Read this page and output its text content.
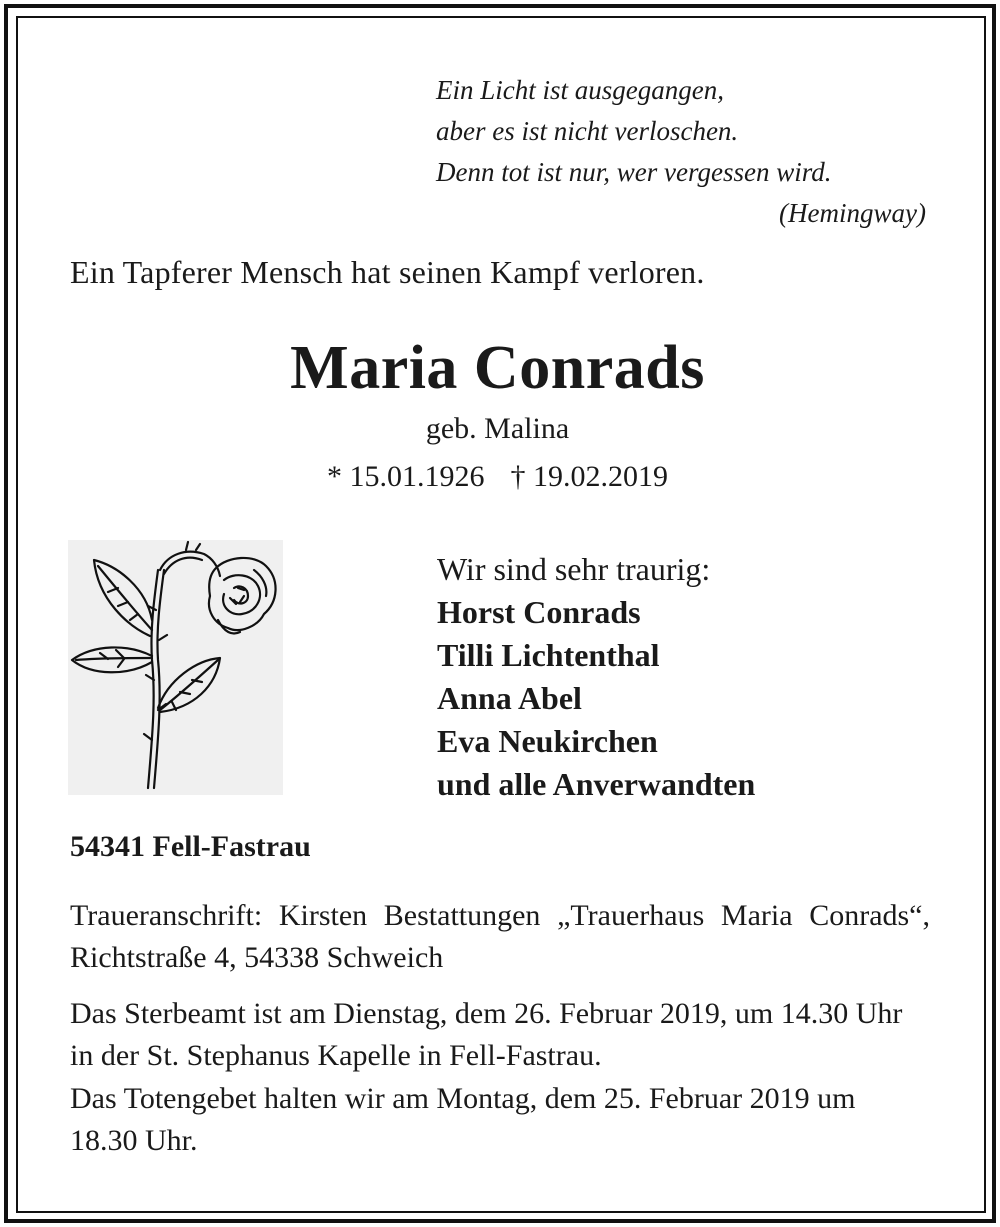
Ein Licht ist ausgegangen,
aber es ist nicht verloschen.
Denn tot ist nur, wer vergessen wird.
(Hemingway)
Ein Tapferer Mensch hat seinen Kampf verloren.
Maria Conrads
geb. Malina
* 15.01.1926 † 19.02.2019
Wir sind sehr traurig:
Horst Conrads
Tilli Lichtenthal
Anna Abel
Eva Neukirchen
und alle Anverwandten
54341 Fell-Fastrau
Traueranschrift: Kirsten Bestattungen „Trauerhaus Maria Conrads“, Richtstraße 4, 54338 Schweich
Das Sterbeamt ist am Dienstag, dem 26. Februar 2019, um 14.30 Uhr in der St. Stephanus Kapelle in Fell-Fastrau.
Das Totengebet halten wir am Montag, dem 25. Februar 2019 um 18.30 Uhr.
